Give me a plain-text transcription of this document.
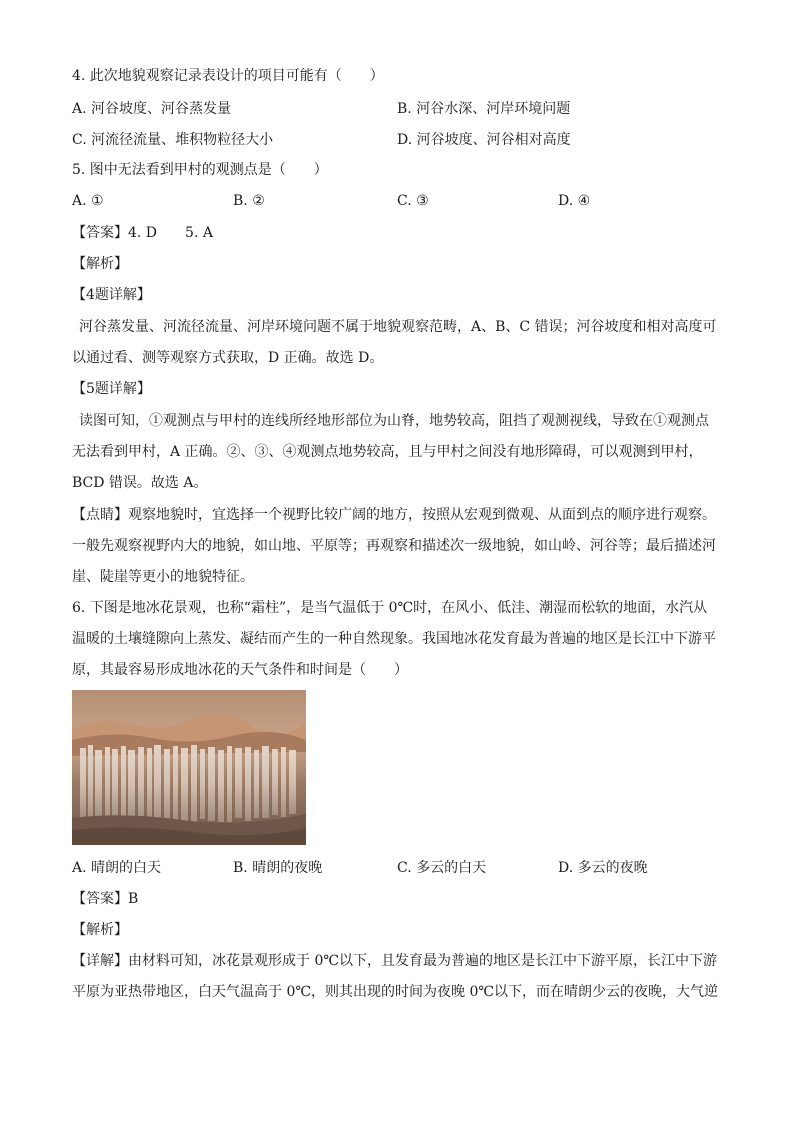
4. 此次地貌观察记录表设计的项目可能有（　　）
A. 河谷坡度、河谷蒸发量	B. 河谷水深、河岸环境问题
C. 河流径流量、堆积物粒径大小	D. 河谷坡度、河谷相对高度
5. 图中无法看到甲村的观测点是（　　）
A. ①	B. ②	C. ③	D. ④
【答案】4. D　　5. A
【解析】
【4题详解】
河谷蒸发量、河流径流量、河岸环境问题不属于地貌观察范畴，A、B、C 错误；河谷坡度和相对高度可
以通过看、测等观察方式获取，D 正确。故选 D。
【5题详解】
读图可知，①观测点与甲村的连线所经地形部位为山脊，地势较高，阻挡了观测视线，导致在①观测点
无法看到甲村，A 正确。②、③、④观测点地势较高，且与甲村之间没有地形障碍，可以观测到甲村，
BCD 错误。故选 A。
【点睛】观察地貌时，宜选择一个视野比较广阔的地方，按照从宏观到微观、从面到点的顺序进行观察。
一般先观察视野内大的地貌，如山地、平原等；再观察和描述次一级地貌，如山岭、河谷等；最后描述河
崖、陡崖等更小的地貌特征。
6. 下图是地冰花景观，也称“霜柱”，是当气温低于 0℃时，在风小、低洼、潮湿而松软的地面，水汽从
温暖的土壤缝隙向上蒸发、凝结而产生的一种自然现象。我国地冰花发育最为普遍的地区是长江中下游平
原，其最容易形成地冰花的天气条件和时间是（　　）
A. 晴朗的白天	B. 晴朗的夜晚	C. 多云的白天	D. 多云的夜晚
【答案】B
【解析】
【详解】由材料可知，冰花景观形成于 0℃以下，且发育最为普遍的地区是长江中下游平原，长江中下游
平原为亚热带地区，白天气温高于 0℃，则其出现的时间为夜晚 0℃以下，而在晴朗少云的夜晚，大气逆
